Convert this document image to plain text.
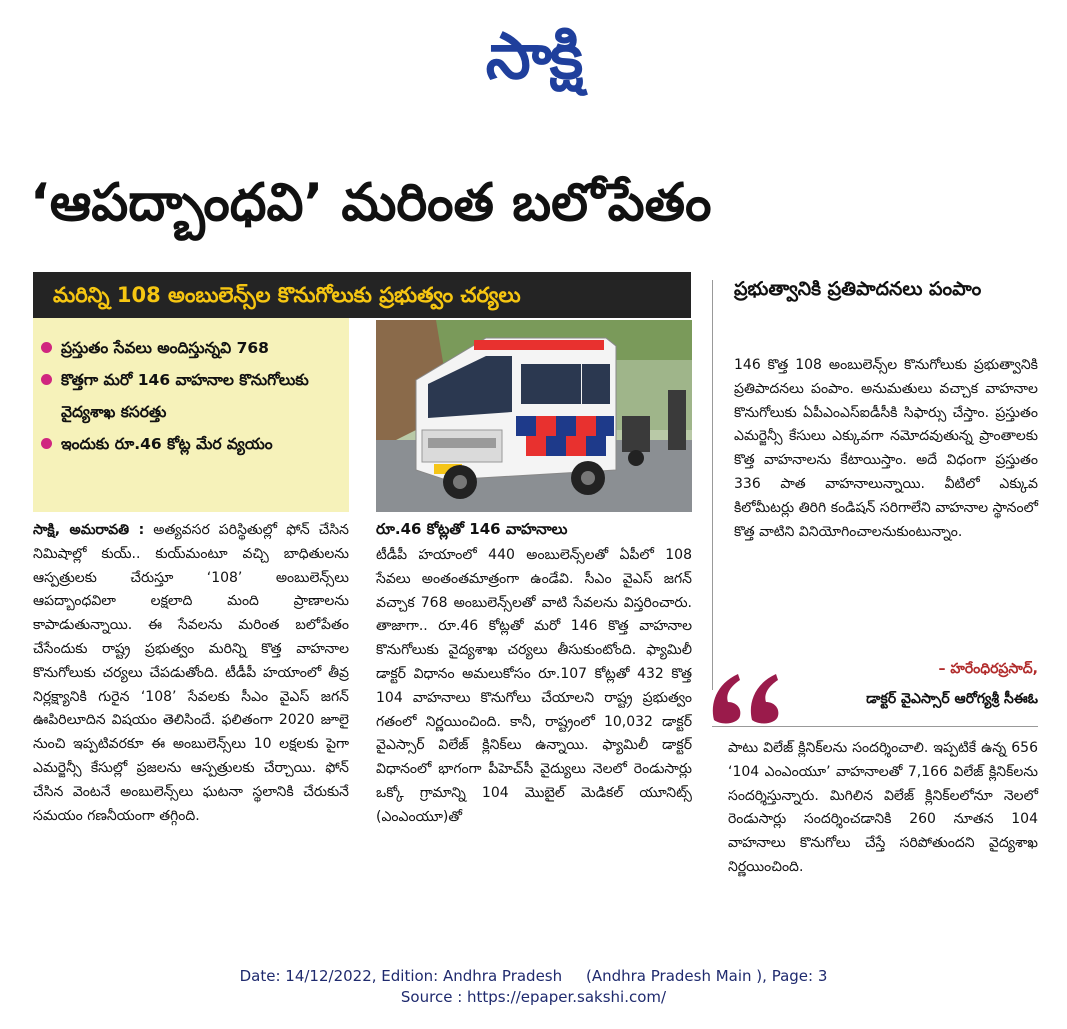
సాక్షి
‘ఆపద్బాంధవి’ మరింత బలోపేతం
మరిన్ని 108 అంబులెన్స్‌ల కొనుగోలుకు ప్రభుత్వం చర్యలు
ప్రస్తుతం సేవలు అందిస్తున్నవి 768
కొత్తగా మరో 146 వాహనాల కొనుగోలుకు వైద్యశాఖ కసరత్తు
ఇందుకు రూ.46 కోట్ల మేర వ్యయం
రూ.46 కోట్లతో 146 వాహనాలు

సాక్షి, అమరావతి : అత్యవసర పరిస్థితుల్లో ఫోన్‌ చేసిన నిమిషాల్లో కుయ్‌.. కుయ్‌మంటూ వచ్చి బాధితులను ఆస్పత్రులకు చేరుస్తూ ‘108’ అంబులెన్స్‌లు ఆపద్బాంధవిలా లక్షలాది మంది ప్రాణాలను కాపాడుతున్నాయి. ఈ సేవలను మరింత బలోపేతం చేసేందుకు రాష్ట్ర ప్రభుత్వం మరిన్ని కొత్త వాహనాల కొనుగోలుకు చర్యలు చేపడుతోంది. టీడీపీ హయాంలో తీవ్ర నిర్లక్ష్యానికి గురైన ‘108’ సేవలకు సీఎం వైఎస్‌ జగన్‌ ఊపిరిలూదిన విషయం తెలిసిందే. ఫలితంగా 2020 జూలై నుంచి ఇప్పటివరకూ ఈ అంబులెన్స్‌లు 10 లక్షలకు పైగా ఎమర్జెన్సీ కేసుల్లో ప్రజలను ఆస్పత్రులకు చేర్చాయి. ఫోన్‌ చేసిన వెంటనే అంబులెన్స్‌లు ఘటనా స్థలానికి చేరుకునే సమయం గణనీయంగా తగ్గింది.

టీడీపీ హయాంలో 440 అంబులెన్స్‌లతో ఏపీలో 108 సేవలు అంతంతమాత్రంగా ఉండేవి. సీఎం వైఎస్‌ జగన్‌ వచ్చాక 768 అంబులెన్స్‌లతో వాటి సేవలను విస్తరించారు. తాజాగా.. రూ.46 కోట్లతో మరో 146 కొత్త వాహనాల కొనుగోలుకు వైద్యశాఖ చర్యలు తీసుకుంటోంది. ఫ్యామిలీ డాక్టర్‌ విధానం అమలుకోసం రూ.107 కోట్లతో 432 కొత్త 104 వాహనాలు కొనుగోలు చేయాలని రాష్ట్ర ప్రభుత్వం గతంలో నిర్ణయించింది. కానీ, రాష్ట్రంలో 10,032 డాక్టర్‌ వైఎస్సార్‌ విలేజ్‌ క్లినిక్‌లు ఉన్నాయి. ఫ్యామిలీ డాక్టర్‌ విధానంలో భాగంగా పీహెచ్‌సీ వైద్యులు నెలలో రెండుసార్లు ఒక్కో గ్రామాన్ని 104 మొబైల్‌ మెడికల్‌ యూనిట్స్‌ (ఎంఎంయూ)తో

ప్రభుత్వానికి ప్రతిపాదనలు పంపాం

146 కొత్త 108 అంబులెన్స్‌ల కొనుగోలుకు ప్రభుత్వానికి ప్రతిపాదనలు పంపాం. అనుమతులు వచ్చాక వాహనాల కొనుగోలుకు ఏపీఎంఎస్‌ఐడీసీకి సిఫార్సు చేస్తాం. ప్రస్తుతం ఎమర్జెన్సీ కేసులు ఎక్కువగా నమోదవుతున్న ప్రాంతాలకు కొత్త వాహనాలను కేటాయిస్తాం. అదే విధంగా ప్రస్తుతం 336 పాత వాహనాలున్నాయి. వీటిలో ఎక్కువ కిలోమీటర్లు తిరిగి కండిషన్‌ సరిగాలేని వాహనాల స్థానంలో కొత్త వాటిని వినియోగించాలనుకుంటున్నాం.

– హరేంధిరప్రసాద్,
డాక్టర్‌ వైఎస్సార్‌ ఆరోగ్యశ్రీ సీఈఓ

పాటు విలేజ్‌ క్లినిక్‌లను సందర్శించాలి. ఇప్పటికే ఉన్న 656 ‘104 ఎంఎంయూ’ వాహనాలతో 7,166 విలేజ్‌ క్లినిక్‌లను సందర్శిస్తున్నారు. మిగిలిన విలేజ్‌ క్లినిక్‌లలోనూ నెలలో రెండుసార్లు సందర్శించడానికి 260 నూతన 104 వాహనాలు కొనుగోలు చేస్తే సరిపోతుందని వైద్యశాఖ నిర్ణయించింది.

Date: 14/12/2022, Edition: Andhra Pradesh     (Andhra Pradesh Main ), Page: 3
Source : https://epaper.sakshi.com/
